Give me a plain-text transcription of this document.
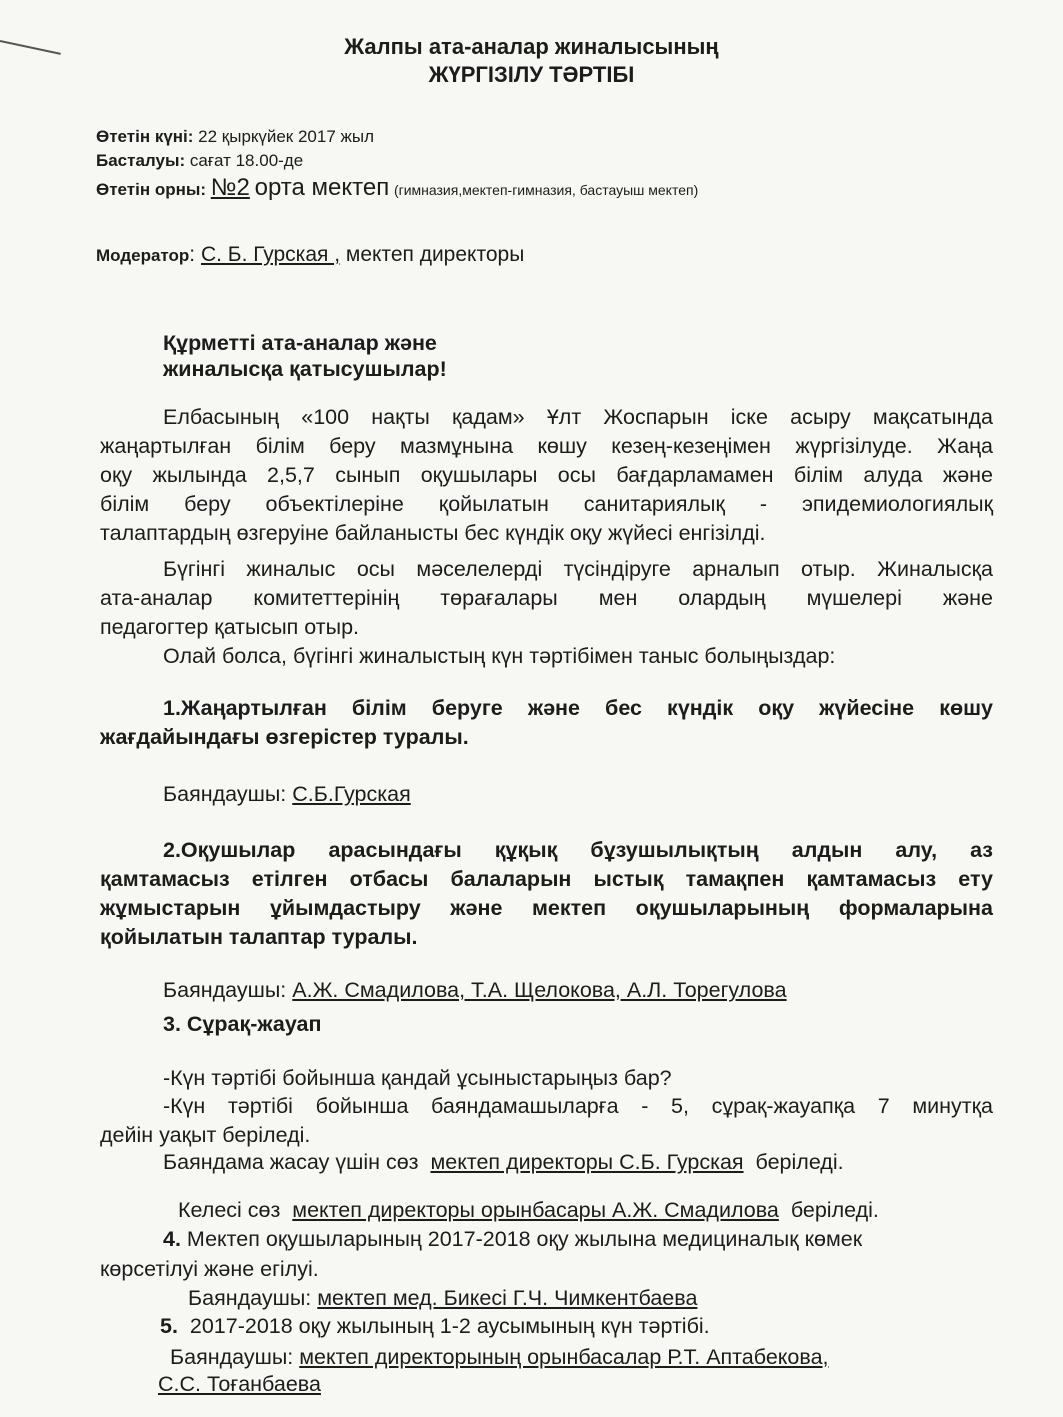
Жалпы ата-аналар жиналысының
ЖҮРГІЗІЛУ ТӘРТІБІ
Өтетін күні: 22 қыркүйек 2017 жыл
Басталуы: сағат 18.00-де
Өтетін орны: №2 орта мектеп (гимназия,мектеп-гимназия, бастауыш мектеп)
Модератор: С. Б. Гурская , мектеп директоры
Құрметті ата-аналар және
жиналысқа қатысушылар!
Елбасының «100 нақты қадам» Ұлт Жоспарын іске асыру мақсатында
жаңартылған білім беру мазмұнына көшу кезең-кезеңімен жүргізілуде. Жаңа
оқу жылында 2,5,7 сынып оқушылары осы бағдарламамен білім алуда және
білім беру объектілеріне қойылатын санитариялық - эпидемиологиялық
талаптардың өзгеруіне байланысты бес күндік оқу жүйесі енгізілді.
Бүгінгі жиналыс осы мәселелерді түсіндіруге арналып отыр. Жиналысқа
ата-аналар комитеттерінің төрағалары мен олардың мүшелері және
педагогтер қатысып отыр.
Олай болса, бүгінгі жиналыстың күн тәртібімен таныс болыңыздар:
1.Жаңартылған білім беруге және бес күндік оқу жүйесіне көшу
жағдайындағы өзгерістер туралы.
Баяндаушы: С.Б.Гурская
2.Оқушылар арасындағы құқық бұзушылықтың алдын алу, аз
қамтамасыз етілген отбасы балаларын ыстық тамақпен қамтамасыз ету
жұмыстарын ұйымдастыру және мектеп оқушыларының формаларына
қойылатын талаптар туралы.
Баяндаушы: А.Ж. Смадилова, Т.А. Щелокова, А.Л. Торегулова
3. Сұрақ-жауап
-Күн тәртібі бойынша қандай ұсыныстарыңыз бар?
-Күн тәртібі бойынша баяндамашыларға - 5, сұрақ-жауапқа 7 минутқа
дейін уақыт беріледі.
Баяндама жасау үшін сөз мектеп директоры С.Б. Гурская беріледі.
Келесі сөз мектеп директоры орынбасары А.Ж. Смадилова беріледі.
4. Мектеп оқушыларының 2017-2018 оқу жылына медициналық көмек
көрсетілуі және егілуі.
Баяндаушы: мектеп мед. Бикесі Г.Ч. Чимкентбаева
5. 2017-2018 оқу жылының 1-2 аусымының күн тәртібі.
Баяндаушы: мектеп директорының орынбасалар Р.Т. Аптабекова,
С.С. Тоғанбаева
